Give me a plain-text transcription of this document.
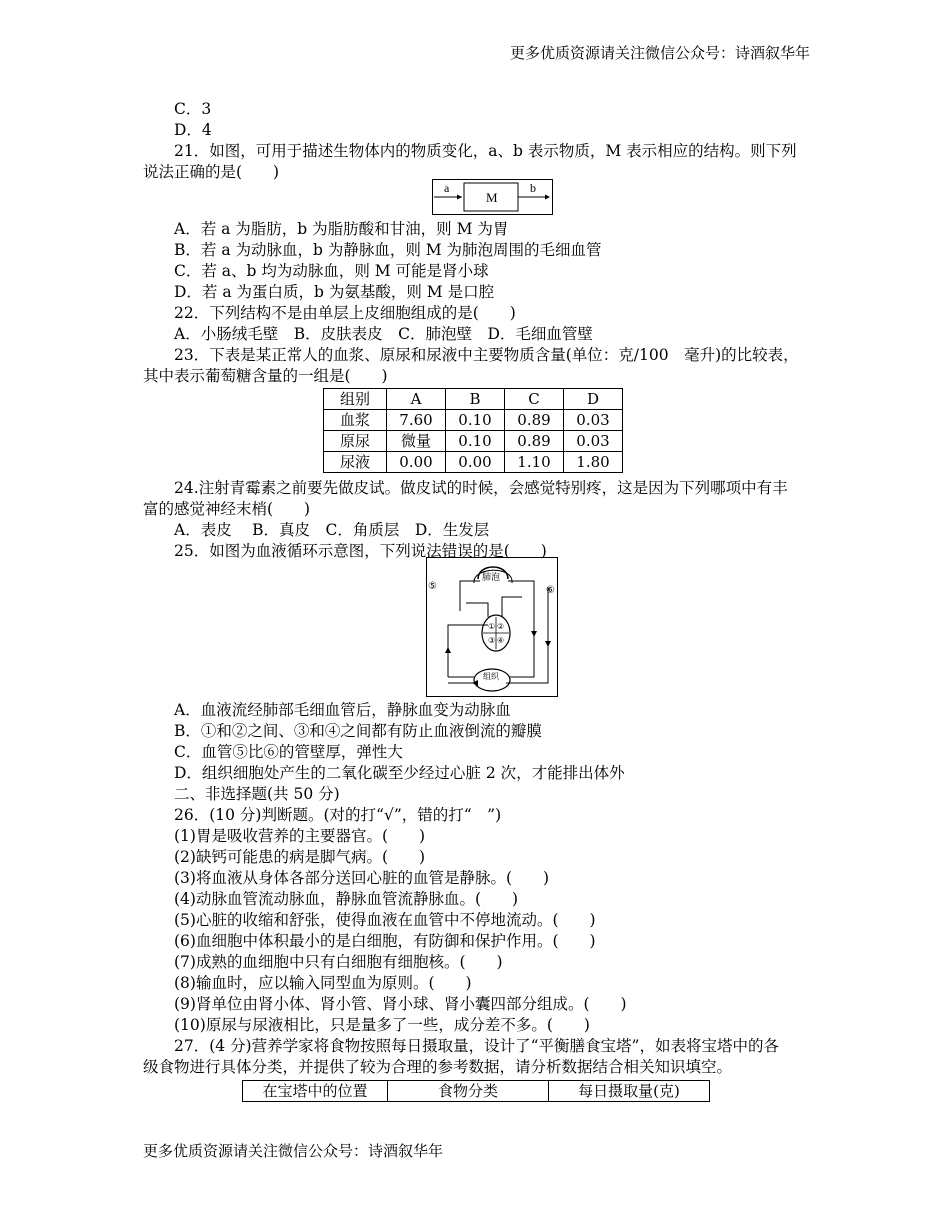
更多优质资源请关注微信公众号：诗酒叙华年
C．3
D．4
21．如图，可用于描述生物体内的物质变化，a、b 表示物质，M 表示相应的结构。则下列
说法正确的是(　　)
a
M
b
A．若 a 为脂肪，b 为脂肪酸和甘油，则 M 为胃
B．若 a 为动脉血，b 为静脉血，则 M 为肺泡周围的毛细血管
C．若 a、b 均为动脉血，则 M 可能是肾小球
D．若 a 为蛋白质，b 为氨基酸，则 M 是口腔
22．下列结构不是由单层上皮细胞组成的是(　　)
A．小肠绒毛壁　B．皮肤表皮　C．肺泡壁　D．毛细血管壁
23．下表是某正常人的血浆、原尿和尿液中主要物质含量(单位：克/100　毫升)的比较表，
其中表示葡萄糖含量的一组是(　　)
组别	A	B	C	D
血浆	7.60	0.10	0.89	0.03
原尿	微量	0.10	0.89	0.03
尿液	0.00	0.00	1.10	1.80
24.注射青霉素之前要先做皮试。做皮试的时候，会感觉特别疼，这是因为下列哪项中有丰
富的感觉神经末梢(　　)
A．表皮　 B．真皮　C．角质层　D．生发层
25．如图为血液循环示意图，下列说法错误的是(　　)
肺泡
① ②
③ ④
组织
⑤	⑥
A．血液流经肺部毛细血管后，静脉血变为动脉血
B．①和②之间、③和④之间都有防止血液倒流的瓣膜
C．血管⑤比⑥的管壁厚，弹性大
D．组织细胞处产生的二氧化碳至少经过心脏 2 次，才能排出体外
二、非选择题(共 50 分)
26．(10 分)判断题。(对的打“√”，错的打“　”)
(1)胃是吸收营养的主要器官。(　　)
(2)缺钙可能患的病是脚气病。(　　)
(3)将血液从身体各部分送回心脏的血管是静脉。(　　)
(4)动脉血管流动脉血，静脉血管流静脉血。(　　)
(5)心脏的收缩和舒张，使得血液在血管中不停地流动。(　　)
(6)血细胞中体积最小的是白细胞，有防御和保护作用。(　　)
(7)成熟的血细胞中只有白细胞有细胞核。(　　)
(8)输血时，应以输入同型血为原则。(　　)
(9)肾单位由肾小体、肾小管、肾小球、肾小囊四部分组成。(　　)
(10)原尿与尿液相比，只是量多了一些，成分差不多。(　　)
27．(4 分)营养学家将食物按照每日摄取量，设计了“平衡膳食宝塔”，如表将宝塔中的各
级食物进行具体分类，并提供了较为合理的参考数据，请分析数据结合相关知识填空。
在宝塔中的位置	食物分类	每日摄取量(克)
更多优质资源请关注微信公众号：诗酒叙华年
